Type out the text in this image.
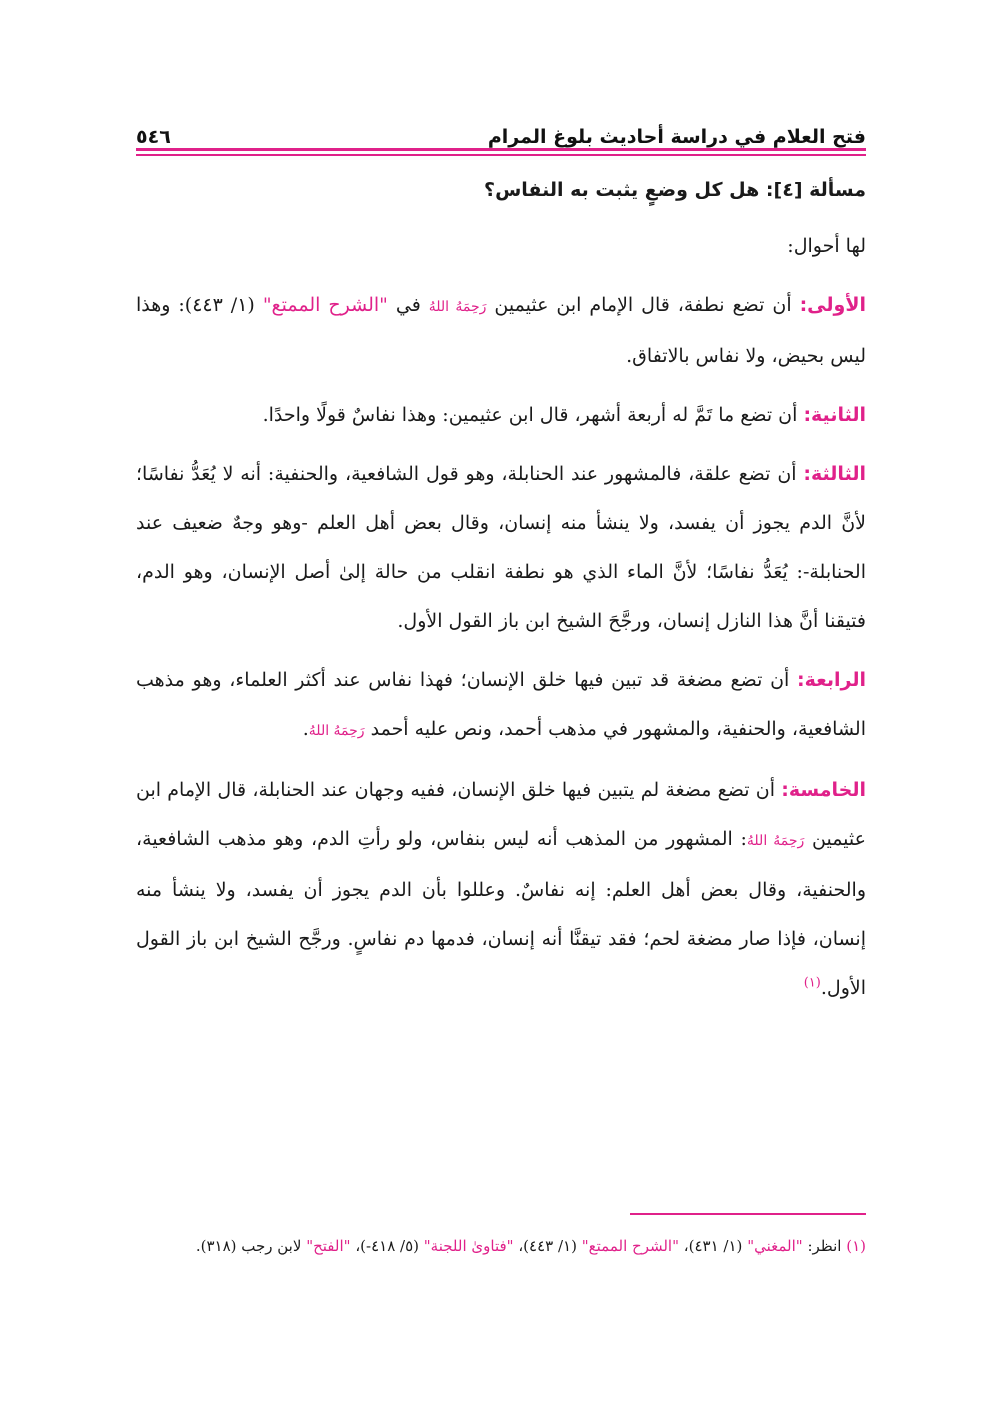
فتح العلام في دراسة أحاديث بلوغ المرام
٥٤٦
مسألة [٤]: هل كل وضعٍ يثبت به النفاس؟

لها أحوال:

الأولى: أن تضع نطفة، قال الإمام ابن عثيمين رَحِمَهُ اللهُ في "الشرح الممتع" (١/ ٤٤٣): وهذا ليس بحيض، ولا نفاس بالاتفاق.

الثانية: أن تضع ما تَمَّ له أربعة أشهر، قال ابن عثيمين: وهذا نفاسٌ قولًا واحدًا.

الثالثة: أن تضع علقة، فالمشهور عند الحنابلة، وهو قول الشافعية، والحنفية: أنه لا يُعَدُّ نفاسًا؛ لأنَّ الدم يجوز أن يفسد، ولا ينشأ منه إنسان، وقال بعض أهل العلم -وهو وجهٌ ضعيف عند الحنابلة-: يُعَدُّ نفاسًا؛ لأنَّ الماء الذي هو نطفة انقلب من حالة إلىٰ أصل الإنسان، وهو الدم، فتيقنا أنَّ هذا النازل إنسان، ورجَّحَ الشيخ ابن باز القول الأول.

الرابعة: أن تضع مضغة قد تبين فيها خلق الإنسان؛ فهذا نفاس عند أكثر العلماء، وهو مذهب الشافعية، والحنفية، والمشهور في مذهب أحمد، ونص عليه أحمد رَحِمَهُ اللهُ.

الخامسة: أن تضع مضغة لم يتبين فيها خلق الإنسان، ففيه وجهان عند الحنابلة، قال الإمام ابن عثيمين رَحِمَهُ اللهُ: المشهور من المذهب أنه ليس بنفاس، ولو رأتِ الدم، وهو مذهب الشافعية، والحنفية، وقال بعض أهل العلم: إنه نفاسٌ. وعللوا بأن الدم يجوز أن يفسد، ولا ينشأ منه إنسان، فإذا صار مضغة لحم؛ فقد تيقنَّا أنه إنسان، فدمها دم نفاسٍ. ورجَّح الشيخ ابن باز القول الأول.$^{(١)}$

(١) انظر: "المغني" (١/ ٤٣١)، "الشرح الممتع" (١/ ٤٤٣)، "فتاوىٰ اللجنة" (٥/ ٤١٨-)، "الفتح" لابن رجب (٣١٨).
